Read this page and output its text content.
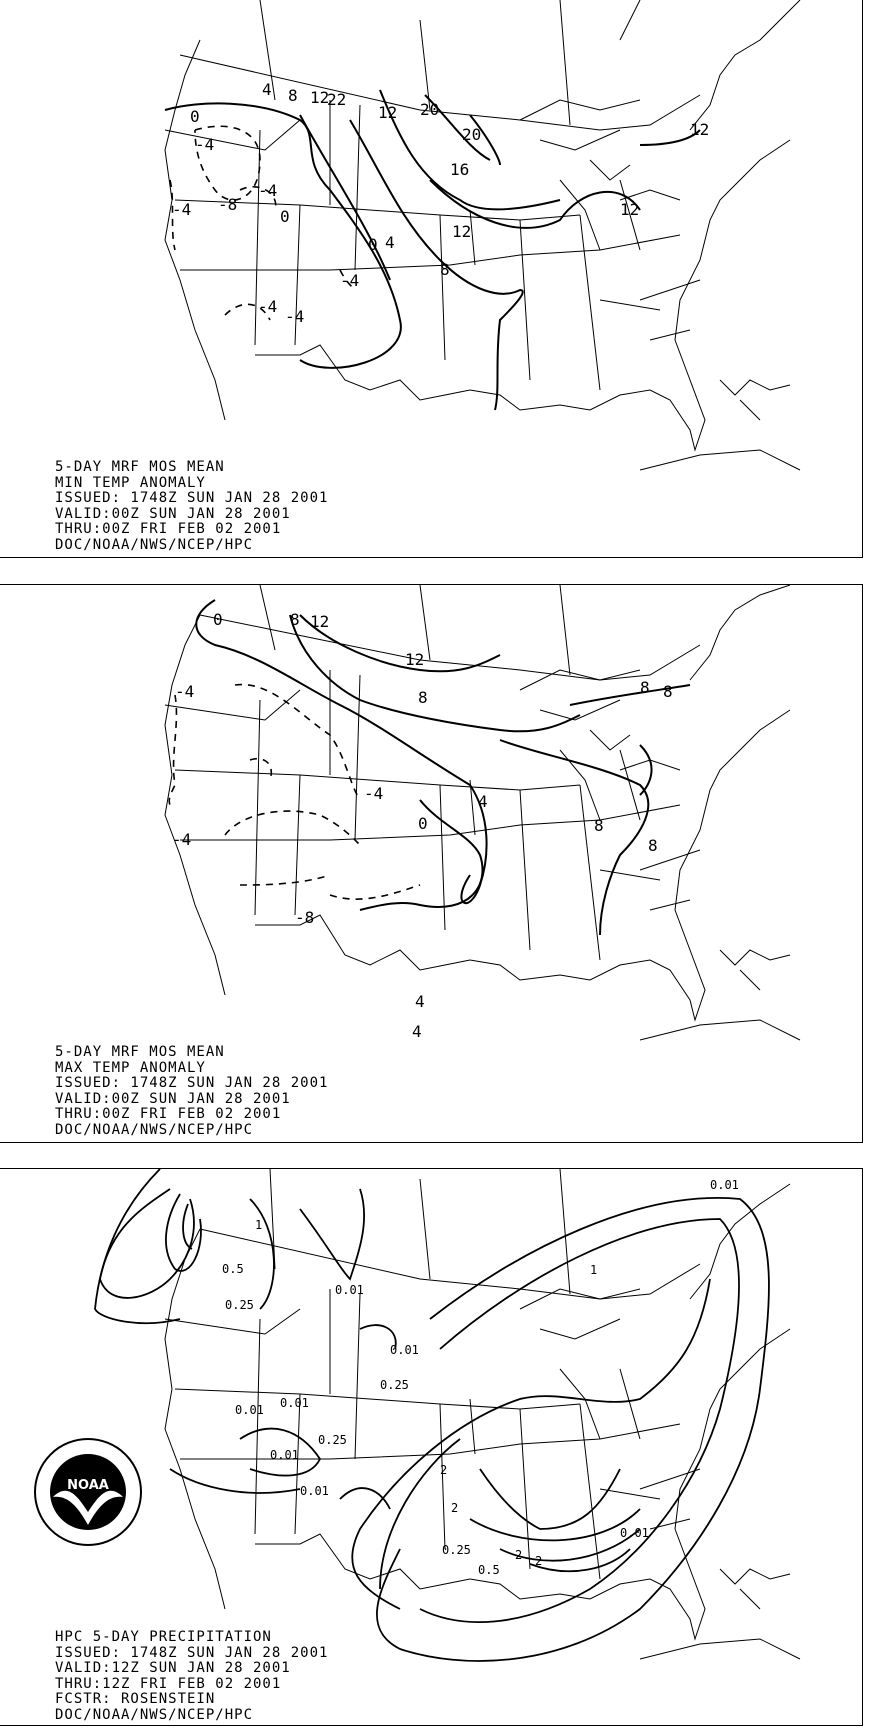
0
-4
-4 -8
-4
0
4 8 12
22
12 20
20
16
12
12
12
0 4
8
-4
-4
-4
5-DAY MRF MOS MEAN
MIN TEMP ANOMALY
ISSUED: 1748Z SUN JAN 28 2001
VALID:00Z SUN JAN 28 2001
THRU:00Z FRI FEB 02 2001
DOC/NOAA/NWS/NCEP/HPC
0	8 12
12
8
-4
-4
0
4
8 8
8
8
-4
-8
4
4
5-DAY MRF MOS MEAN
MAX TEMP ANOMALY
ISSUED: 1748Z SUN JAN 28 2001
VALID:00Z SUN JAN 28 2001
THRU:00Z FRI FEB 02 2001
DOC/NOAA/NWS/NCEP/HPC
0.01
0.5
0.25
0.01
0.01
0.25
0.01 0.01
0.25
0.01
0.01
2
2
2
0.25
0.5
2
0.01
1
1
HPC 5-DAY PRECIPITATION
ISSUED: 1748Z SUN JAN 28 2001
VALID:12Z SUN JAN 28 2001
THRU:12Z FRI FEB 02 2001
FCSTR: ROSENSTEIN
DOC/NOAA/NWS/NCEP/HPC
NOAA
